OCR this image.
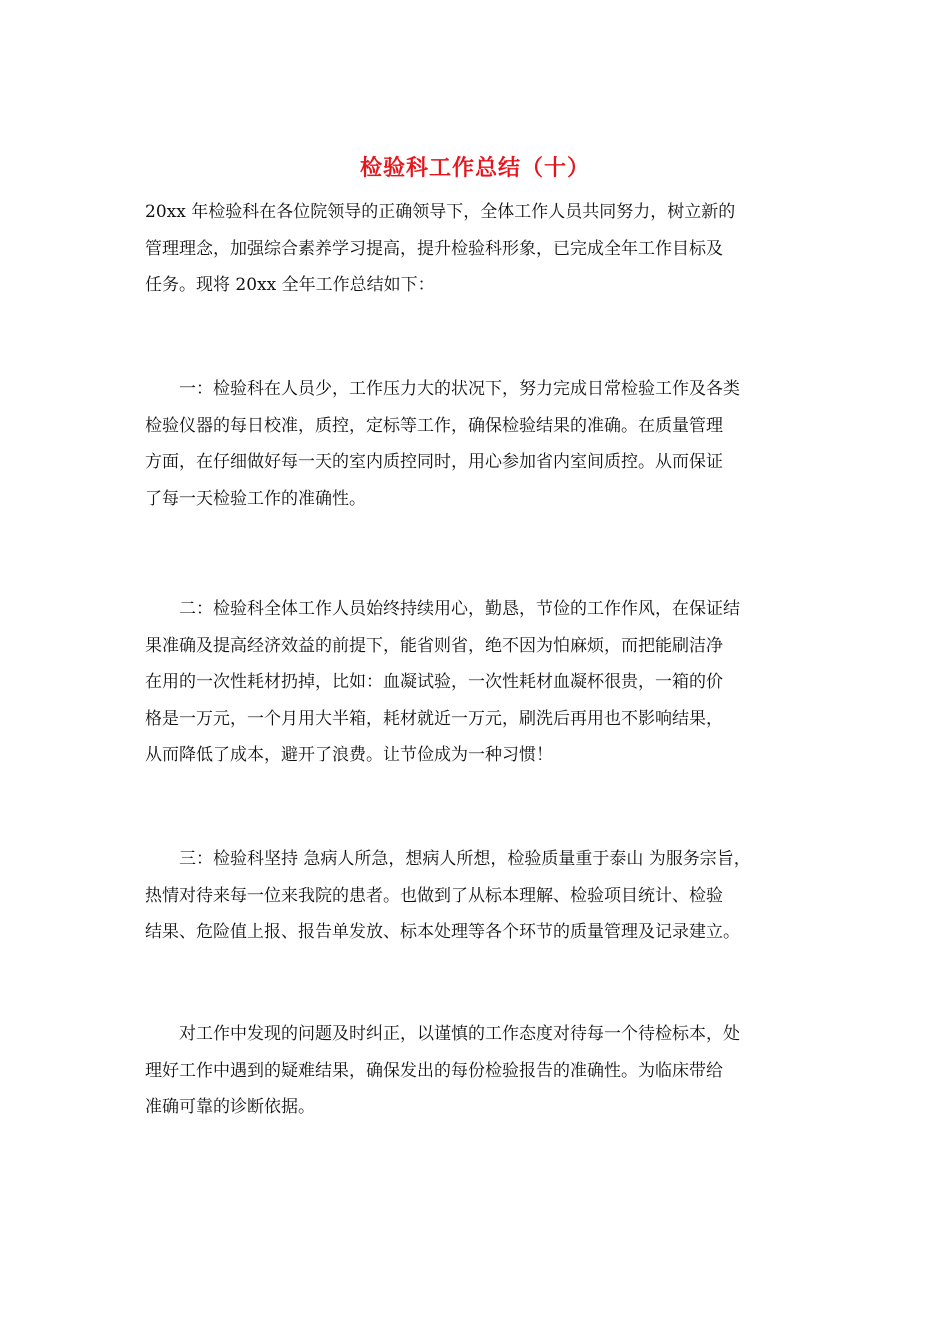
检验科工作总结（十）
20xx 年检验科在各位院领导的正确领导下，全体工作人员共同努力，树立新的
管理理念，加强综合素养学习提高，提升检验科形象，已完成全年工作目标及
任务。现将 20xx 全年工作总结如下：
一：检验科在人员少，工作压力大的状况下，努力完成日常检验工作及各类
检验仪器的每日校准，质控，定标等工作，确保检验结果的准确。在质量管理
方面，在仔细做好每一天的室内质控同时，用心参加省内室间质控。从而保证
了每一天检验工作的准确性。
二：检验科全体工作人员始终持续用心，勤恳，节俭的工作作风，在保证结
果准确及提高经济效益的前提下，能省则省，绝不因为怕麻烦，而把能刷洁净
在用的一次性耗材扔掉，比如：血凝试验，一次性耗材血凝杯很贵，一箱的价
格是一万元，一个月用大半箱，耗材就近一万元，刷洗后再用也不影响结果，
从而降低了成本，避开了浪费。让节俭成为一种习惯！
三：检验科坚持 急病人所急，想病人所想，检验质量重于泰山 为服务宗旨，
热情对待来每一位来我院的患者。也做到了从标本理解、检验项目统计、检验
结果、危险值上报、报告单发放、标本处理等各个环节的质量管理及记录建立。
对工作中发现的问题及时纠正，以谨慎的工作态度对待每一个待检标本，处
理好工作中遇到的疑难结果，确保发出的每份检验报告的准确性。为临床带给
准确可靠的诊断依据。
